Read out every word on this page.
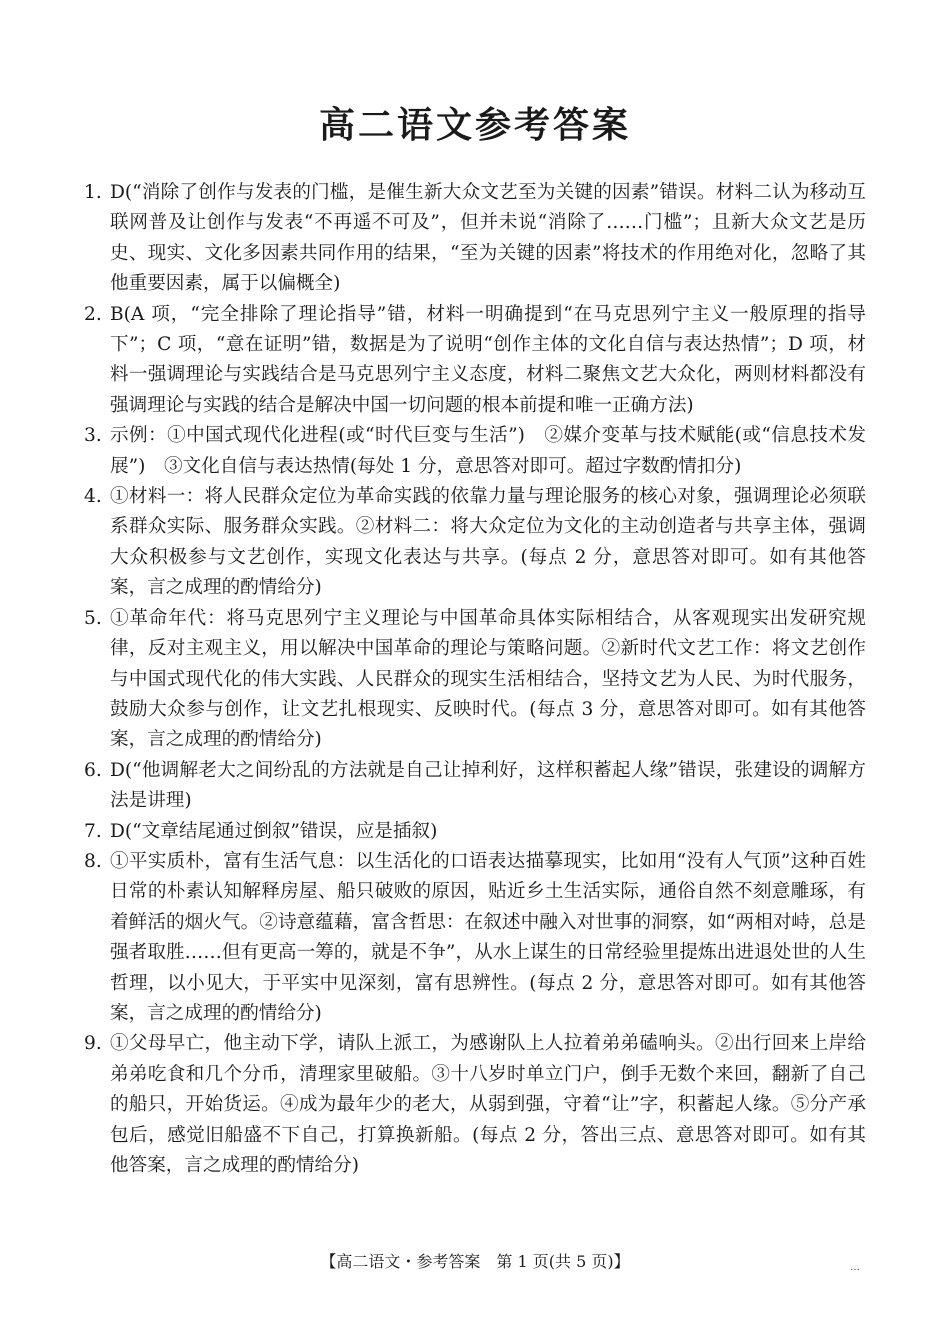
高二语文参考答案
1. D(“消除了创作与发表的门槛，是催生新大众文艺至为关键的因素”错误。材料二认为移动互联网普及让创作与发表“不再遥不可及”，但并未说“消除了……门槛”；且新大众文艺是历史、现实、文化多因素共同作用的结果，“至为关键的因素”将技术的作用绝对化，忽略了其他重要因素，属于以偏概全)
2. B(A 项，“完全排除了理论指导”错，材料一明确提到“在马克思列宁主义一般原理的指导下”；C 项，“意在证明”错，数据是为了说明“创作主体的文化自信与表达热情”；D 项，材料一强调理论与实践结合是马克思列宁主义态度，材料二聚焦文艺大众化，两则材料都没有强调理论与实践的结合是解决中国一切问题的根本前提和唯一正确方法)
3. 示例：①中国式现代化进程(或“时代巨变与生活”)　②媒介变革与技术赋能(或“信息技术发展”)　③文化自信与表达热情(每处 1 分，意思答对即可。超过字数酌情扣分)
4. ①材料一：将人民群众定位为革命实践的依靠力量与理论服务的核心对象，强调理论必须联系群众实际、服务群众实践。②材料二：将大众定位为文化的主动创造者与共享主体，强调大众积极参与文艺创作，实现文化表达与共享。(每点 2 分，意思答对即可。如有其他答案，言之成理的酌情给分)
5. ①革命年代：将马克思列宁主义理论与中国革命具体实际相结合，从客观现实出发研究规律，反对主观主义，用以解决中国革命的理论与策略问题。②新时代文艺工作：将文艺创作与中国式现代化的伟大实践、人民群众的现实生活相结合，坚持文艺为人民、为时代服务，鼓励大众参与创作，让文艺扎根现实、反映时代。(每点 3 分，意思答对即可。如有其他答案，言之成理的酌情给分)
6. D(“他调解老大之间纷乱的方法就是自己让掉利好，这样积蓄起人缘”错误，张建设的调解方法是讲理)
7. D(“文章结尾通过倒叙”错误，应是插叙)
8. ①平实质朴，富有生活气息：以生活化的口语表达描摹现实，比如用“没有人气顶”这种百姓日常的朴素认知解释房屋、船只破败的原因，贴近乡土生活实际，通俗自然不刻意雕琢，有着鲜活的烟火气。②诗意蕴藉，富含哲思：在叙述中融入对世事的洞察，如“两相对峙，总是强者取胜……但有更高一筹的，就是不争”，从水上谋生的日常经验里提炼出进退处世的人生哲理，以小见大，于平实中见深刻，富有思辨性。(每点 2 分，意思答对即可。如有其他答案，言之成理的酌情给分)
9. ①父母早亡，他主动下学，请队上派工，为感谢队上人拉着弟弟磕响头。②出行回来上岸给弟弟吃食和几个分币，清理家里破船。③十八岁时单立门户，倒手无数个来回，翻新了自己的船只，开始货运。④成为最年少的老大，从弱到强，守着“让”字，积蓄起人缘。⑤分产承包后，感觉旧船盛不下自己，打算换新船。(每点 2 分，答出三点、意思答对即可。如有其他答案，言之成理的酌情给分)
【高二语文・参考答案　第 1 页(共 5 页)】	…
